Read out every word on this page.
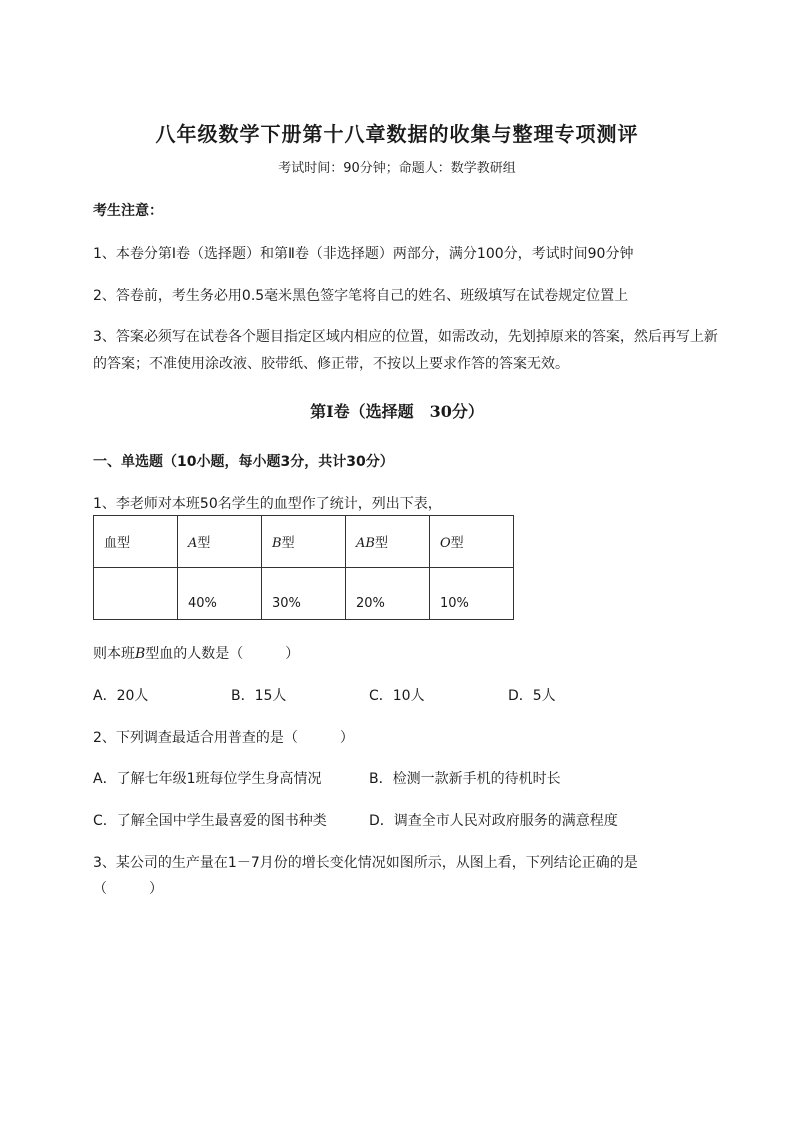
八年级数学下册第十八章数据的收集与整理专项测评
考试时间：90分钟；命题人：数学教研组
考生注意：
1、本卷分第I卷（选择题）和第Ⅱ卷（非选择题）两部分，满分100分，考试时间90分钟
2、答卷前，考生务必用0.5毫米黑色签字笔将自己的姓名、班级填写在试卷规定位置上
3、答案必须写在试卷各个题目指定区域内相应的位置，如需改动，先划掉原来的答案，然后再写上新
的答案；不准使用涂改液、胶带纸、修正带，不按以上要求作答的答案无效。
第I卷（选择题　30分）
一、单选题（10小题，每小题3分，共计30分）
1、李老师对本班50名学生的血型作了统计，列出下表，
血型	A型	B型	AB型	O型
	40%	30%	20%	10%
则本班B型血的人数是（　　　）
A．20人	B．15人	C．10人	D．5人
2、下列调查最适合用普查的是（　　　）
A．了解七年级1班每位学生身高情况	B．检测一款新手机的待机时长
C．了解全国中学生最喜爱的图书种类	D．调查全市人民对政府服务的满意程度
3、某公司的生产量在1－7月份的增长变化情况如图所示，从图上看，下列结论正确的是
（　　　）
